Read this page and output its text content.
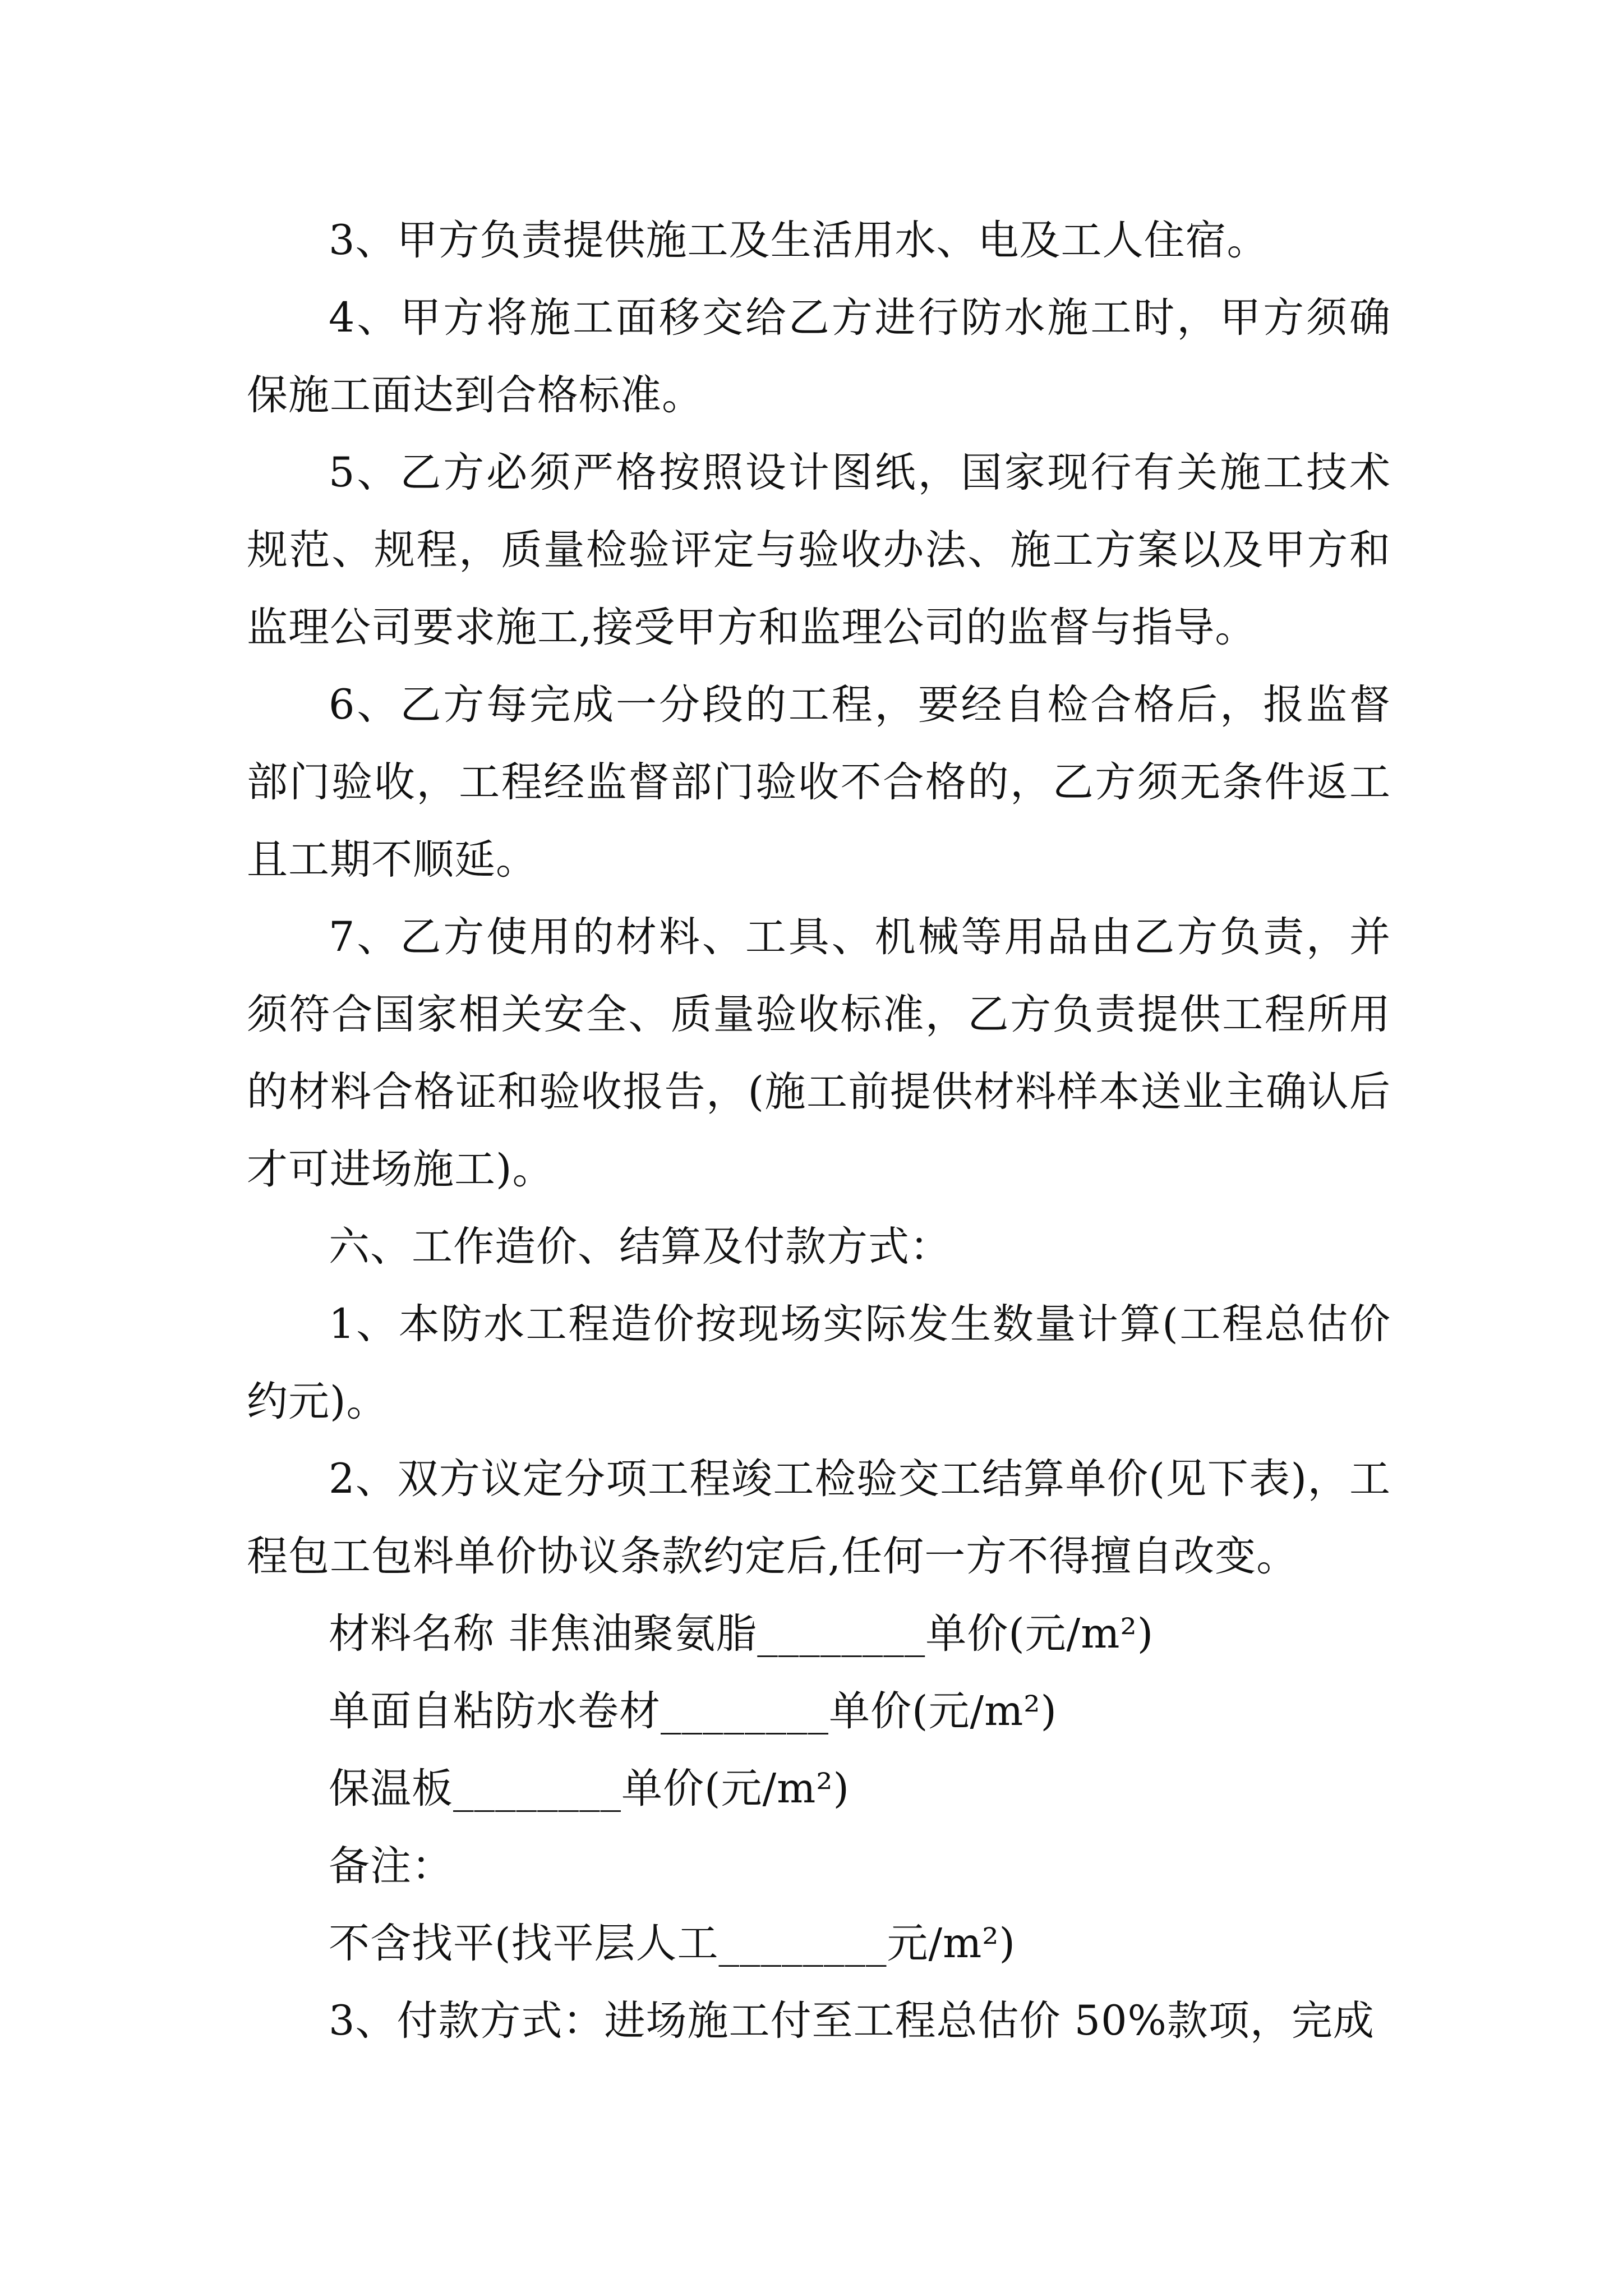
3、甲方负责提供施工及生活用水、电及工人住宿。

4、甲方将施工面移交给乙方进行防水施工时，甲方须确保施工面达到合格标准。

5、乙方必须严格按照设计图纸，国家现行有关施工技术规范、规程，质量检验评定与验收办法、施工方案以及甲方和监理公司要求施工,接受甲方和监理公司的监督与指导。

6、乙方每完成一分段的工程，要经自检合格后，报监督部门验收，工程经监督部门验收不合格的，乙方须无条件返工且工期不顺延。

7、乙方使用的材料、工具、机械等用品由乙方负责，并须符合国家相关安全、质量验收标准，乙方负责提供工程所用的材料合格证和验收报告，(施工前提供材料样本送业主确认后才可进场施工)。

六、工作造价、结算及付款方式：

1、本防水工程造价按现场实际发生数量计算(工程总估价约元)。

2、双方议定分项工程竣工检验交工结算单价(见下表)，工程包工包料单价协议条款约定后,任何一方不得擅自改变。

材料名称 非焦油聚氨脂________单价(元/m²)

单面自粘防水卷材________单价(元/m²)

保温板________单价(元/m²)

备注：

不含找平(找平层人工________元/m²)

3、付款方式：进场施工付至工程总估价 50%款项，完成
